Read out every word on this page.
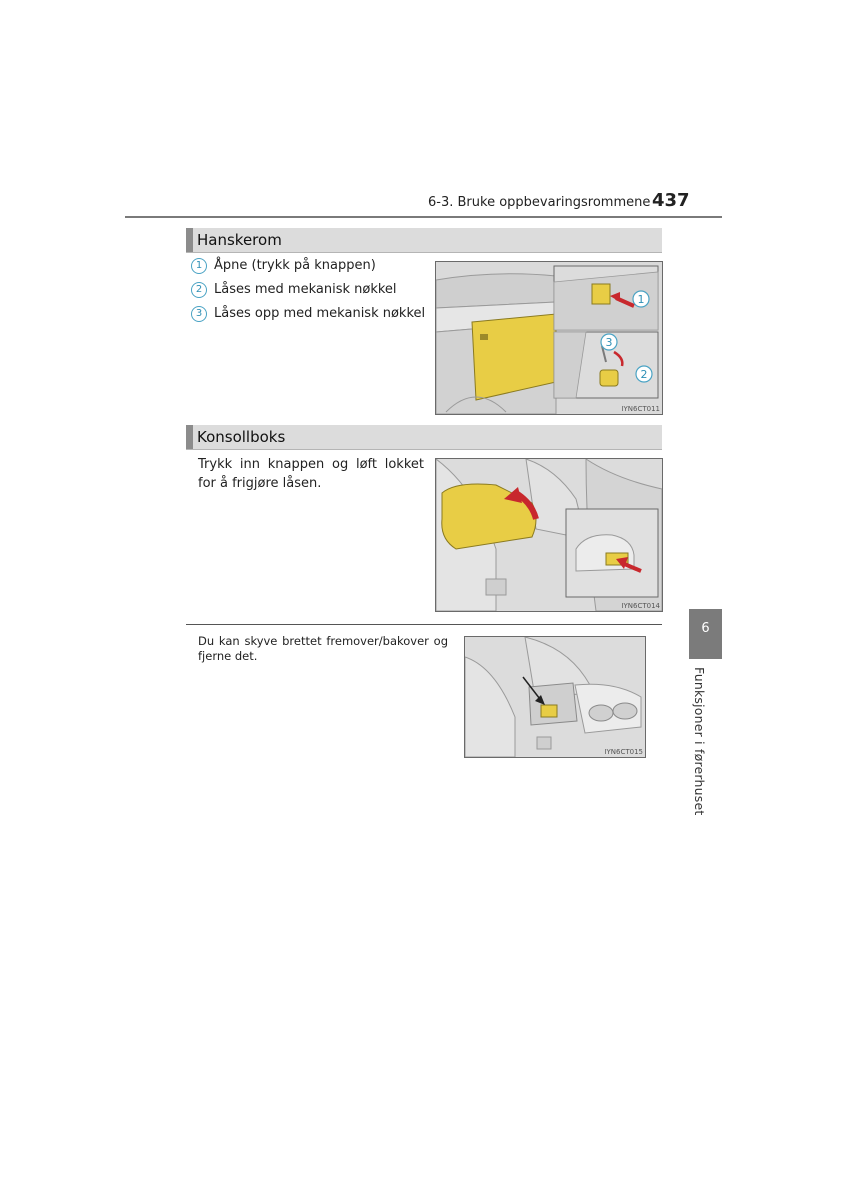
6-3. Bruke oppbevaringsrommene 437
Hanskerom
1 Åpne (trykk på knappen)
2 Låses med mekanisk nøkkel
3 Låses opp med mekanisk nøkkel
1
3
2
IYN6CT011
Konsollboks
Trykk inn knappen og løft lokket for å frigjøre låsen.
IYN6CT014
Du kan skyve brettet fremover/bakover og fjerne det.
IYN6CT015
6
Funksjoner i førerhuset
